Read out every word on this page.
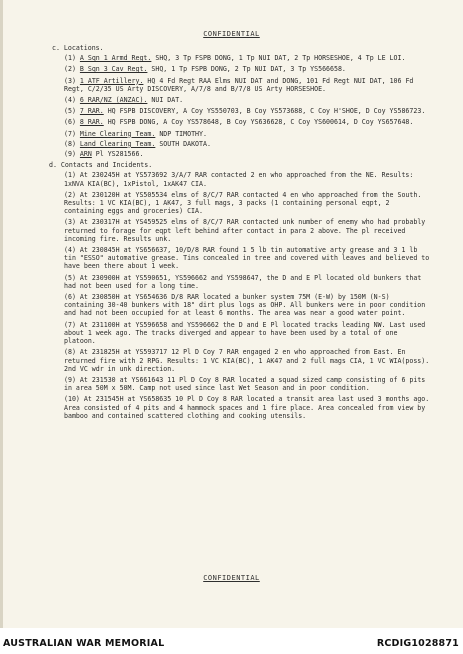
CONFIDENTIAL
c. Locations.
(1) A Sqn 1 Armd Regt. SHQ, 3 Tp FSPB DONG, 1 Tp NUI DAT, 2 Tp HORSESHOE, 4 Tp LE LOI.
(2) B Sqn 3 Cav Regt. SHQ, 1 Tp FSPB DONG, 2 Tp NUI DAT, 3 Tp YS566658.
(3) 1 ATF Artillery. HQ 4 Fd Regt RAA Elms NUI DAT and DONG, 101 Fd Regt NUI DAT, 106 Fd Regt, C/2/35 US Arty DISCOVERY, A/7/8 and B/7/8 US Arty HORSESHOE.
(4) 6 RAR/NZ (ANZAC). NUI DAT.
(5) 7 RAR. HQ FSPB DISCOVERY, A Coy YS550703, B Coy YS573688, C Coy H'SHOE, D Coy YS586723.
(6) 8 RAR. HQ FSPB DONG, A Coy YS578648, B Coy YS636628, C Coy YS600614, D Coy YS657648.
(7) Mine Clearing Team. NDP TIMOTHY.
(8) Land Clearing Team. SOUTH DAKOTA.
(9) ARN Pl YS281566.
d. Contacts and Incidents.
(1) At 230245H at YS573692 3/A/7 RAR contacted 2 en who approached from the NE. Results: 1xNVA KIA(BC), 1xPistol, 1xAK47 CIA.
(2) At 230120H at YS505534 elms of 8/C/7 RAR contacted 4 en who approached from the South. Results: 1 VC KIA(BC), 1 AK47, 3 full mags, 3 packs (1 containing personal eqpt, 2 containing eggs and groceries) CIA.
(3) At 230317H at YS459525 elms of 8/C/7 RAR contacted unk number of enemy who had probably returned to forage for eqpt left behind after contact in para 2 above. The pl received incoming fire. Results unk.
(4) At 230845H at YS656637, 10/D/8 RAR found 1 5 lb tin automative arty grease and 3 1 lb tin "ESSO" automative grease. Tins concealed in tree and covered with leaves and believed to have been there about 1 week.
(5) At 230900H at YS590651, YS596662 and YS598647, the D and E Pl located old bunkers that had not been used for a long time.
(6) At 230850H at YS654636 D/8 RAR located a bunker system 75M (E-W) by 150M (N-S) containing 30-40 bunkers with 18" dirt plus logs as OHP. All bunkers were in poor condition and had not been occupied for at least 6 months. The area was near a good water point.
(7) At 231100H at YS596658 and YS596662 the D and E Pl located tracks leading NW. Last used about 1 week ago. The tracks diverged and appear to have been used by a total of one platoon.
(8) At 231825H at YS593717 12 Pl D Coy 7 RAR engaged 2 en who approached from East. En returned fire with 2 RPG. Results: 1 VC KIA(BC), 1 AK47 and 2 full mags CIA, 1 VC WIA(poss). 2nd VC wdr in unk direction.
(9) At 231530 at YS661643 11 Pl D Coy 8 RAR located a squad sized camp consisting of 6 pits in area 50M x 50M. Camp not used since last Wet Season and in poor condition.
(10) At 231545H at YS658635 10 Pl D Coy 8 RAR located a transit area last used 3 months ago. Area consisted of 4 pits and 4 hammock spaces and 1 fire place. Area concealed from view by bamboo and contained scattered clothing and cooking utensils.
CONFIDENTIAL
AUSTRALIAN WAR MEMORIAL	RCDIG1028871
